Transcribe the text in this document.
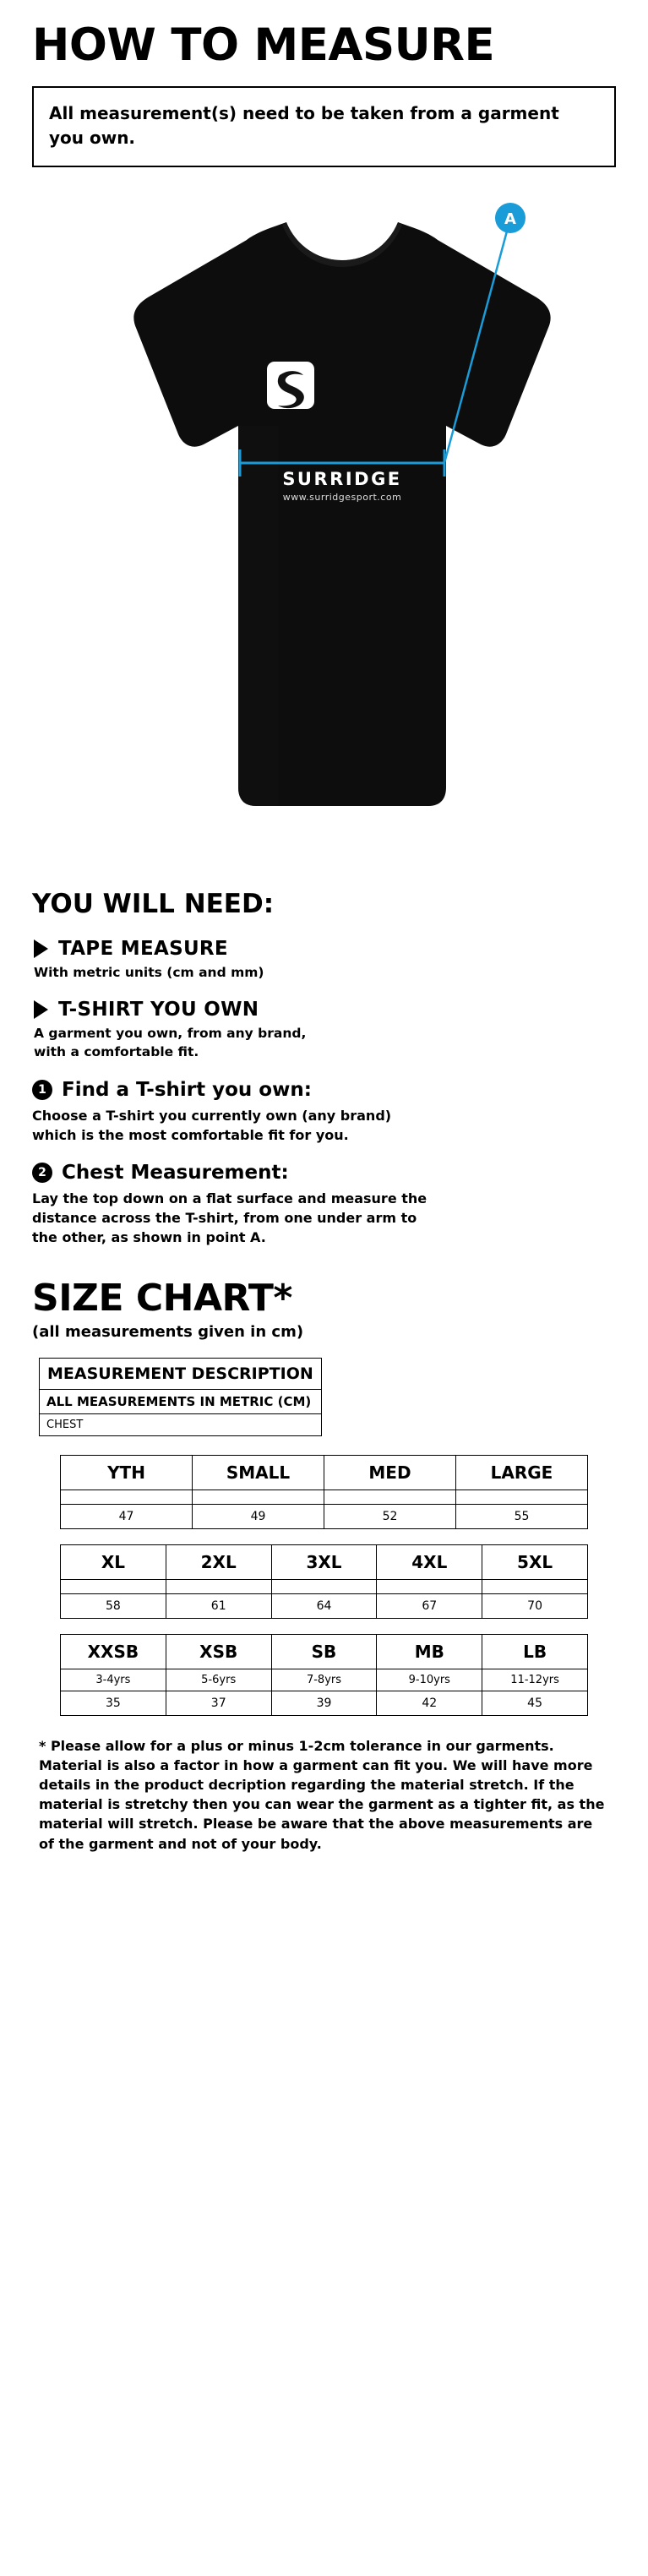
HOW TO MEASURE
All measurement(s) need to be taken from a garment you own.
SURRIDGE
www.surridgesport.com
A
YOU WILL NEED:
TAPE MEASURE
With metric units (cm and mm)
T-SHIRT YOU OWN
A garment you own, from any brand,
with a comfortable fit.
1 Find a T-shirt you own:
Choose a T-shirt you currently own (any brand)
which is the most comfortable fit for you.
2 Chest Measurement:
Lay the top down on a flat surface and measure the
distance across the T-shirt, from one under arm to
the other, as shown in point A.
SIZE CHART*
(all measurements given in cm)
MEASUREMENT DESCRIPTION
ALL MEASUREMENTS IN METRIC (CM)
CHEST
YTH	SMALL	MED	LARGE

47	49	52	55
XL	2XL	3XL	4XL	5XL

58	61	64	67	70
XXSB	XSB	SB	MB	LB
3-4yrs	5-6yrs	7-8yrs	9-10yrs	11-12yrs
35	37	39	42	45
* Please allow for a plus or minus 1-2cm tolerance in our garments. Material is also a factor in how a garment can fit you. We will have more details in the product decription regarding the material stretch. If the material is stretchy then you can wear the garment as a tighter fit, as the material will stretch. Please be aware that the above measurements are of the garment and not of your body.
